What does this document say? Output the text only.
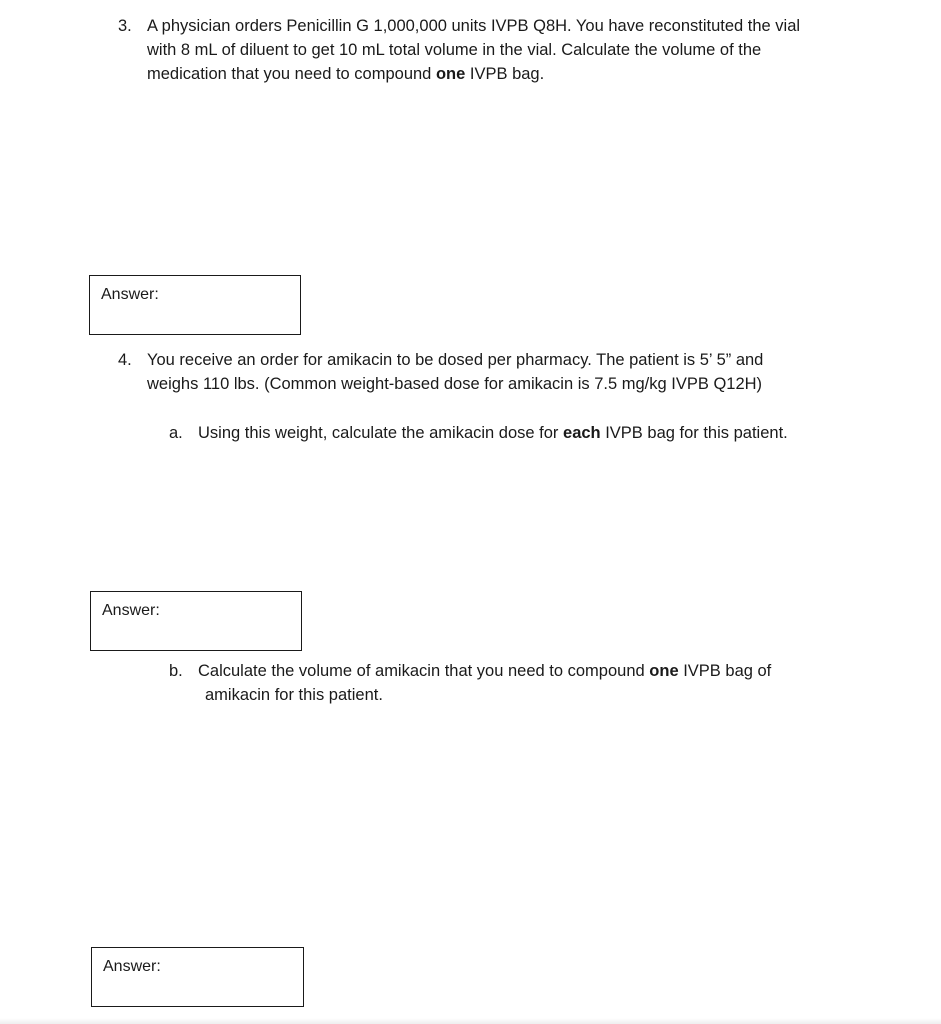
3. A physician orders Penicillin G 1,000,000 units IVPB Q8H. You have reconstituted the vial
with 8 mL of diluent to get 10 mL total volume in the vial. Calculate the volume of the
medication that you need to compound one IVPB bag.
Answer:
4. You receive an order for amikacin to be dosed per pharmacy. The patient is 5’ 5” and
weighs 110 lbs. (Common weight-based dose for amikacin is 7.5 mg/kg IVPB Q12H)
a. Using this weight, calculate the amikacin dose for each IVPB bag for this patient.
Answer:
b. Calculate the volume of amikacin that you need to compound one IVPB bag of
amikacin for this patient.
Answer:
